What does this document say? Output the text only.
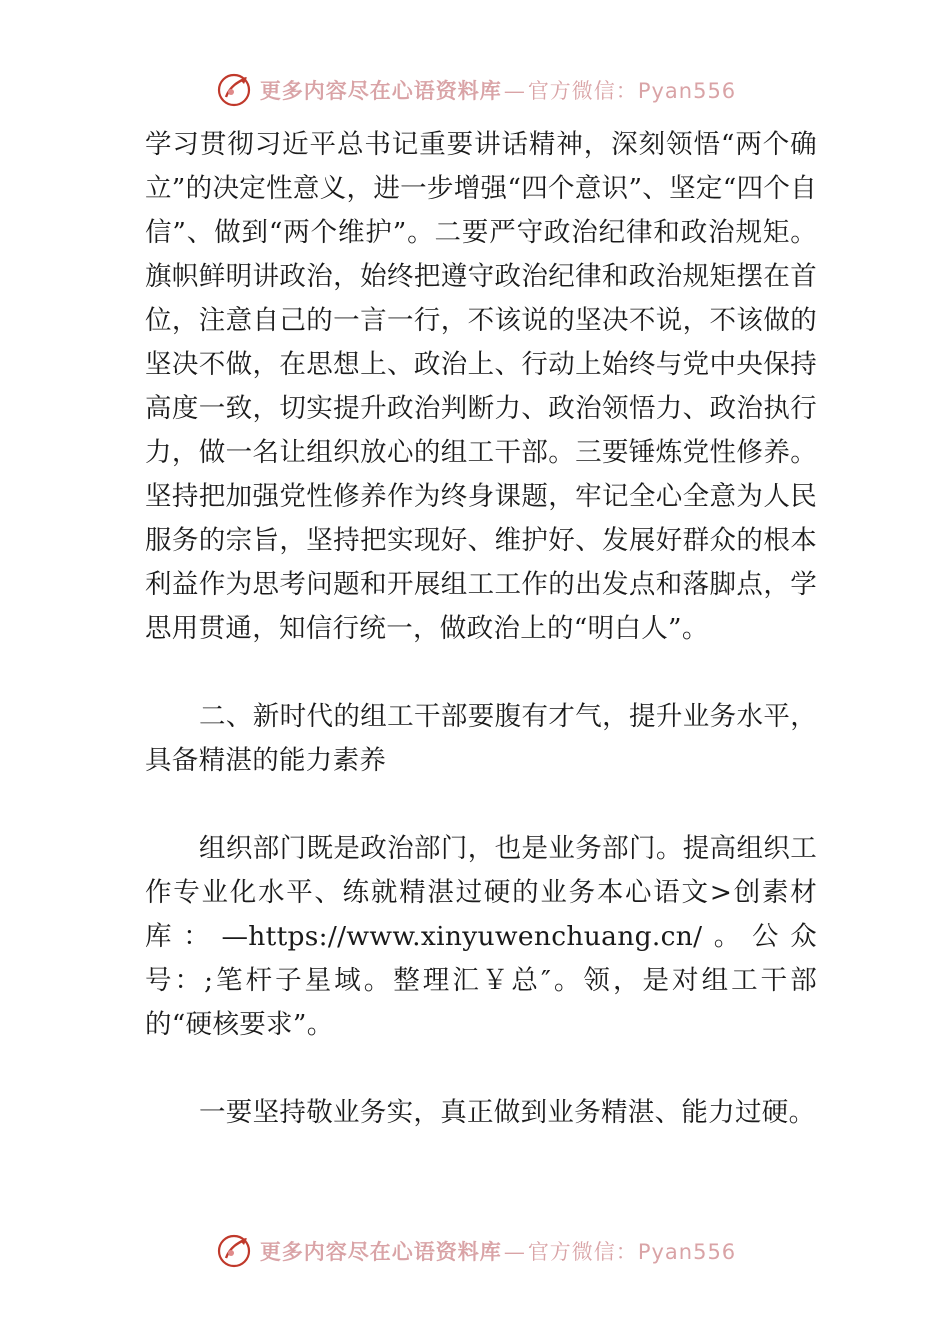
更多内容尽在心语资料库—官方微信：Pyan556

学习贯彻习近平总书记重要讲话精神，深刻领悟“两个确立”的决定性意义，进一步增强“四个意识”、坚定“四个自信”、做到“两个维护”。二要严守政治纪律和政治规矩。旗帜鲜明讲政治，始终把遵守政治纪律和政治规矩摆在首位，注意自己的一言一行，不该说的坚决不说，不该做的坚决不做，在思想上、政治上、行动上始终与党中央保持高度一致，切实提升政治判断力、政治领悟力、政治执行力，做一名让组织放心的组工干部。三要锤炼党性修养。坚持把加强党性修养作为终身课题，牢记全心全意为人民服务的宗旨，坚持把实现好、维护好、发展好群众的根本利益作为思考问题和开展组工工作的出发点和落脚点，学思用贯通，知信行统一，做政治上的“明白人”。

二、新时代的组工干部要腹有才气，提升业务水平，具备精湛的能力素养

组织部门既是政治部门，也是业务部门。提高组织工作专业化水平、练就精湛过硬的业务本心语文>创素材库：—https://www.xinyuwenchuang.cn/。公众号：;笔杆子星域。整理汇￥总″。领，是对组工干部的“硬核要求”。

一要坚持敬业务实，真正做到业务精湛、能力过硬。

更多内容尽在心语资料库—官方微信：Pyan556
